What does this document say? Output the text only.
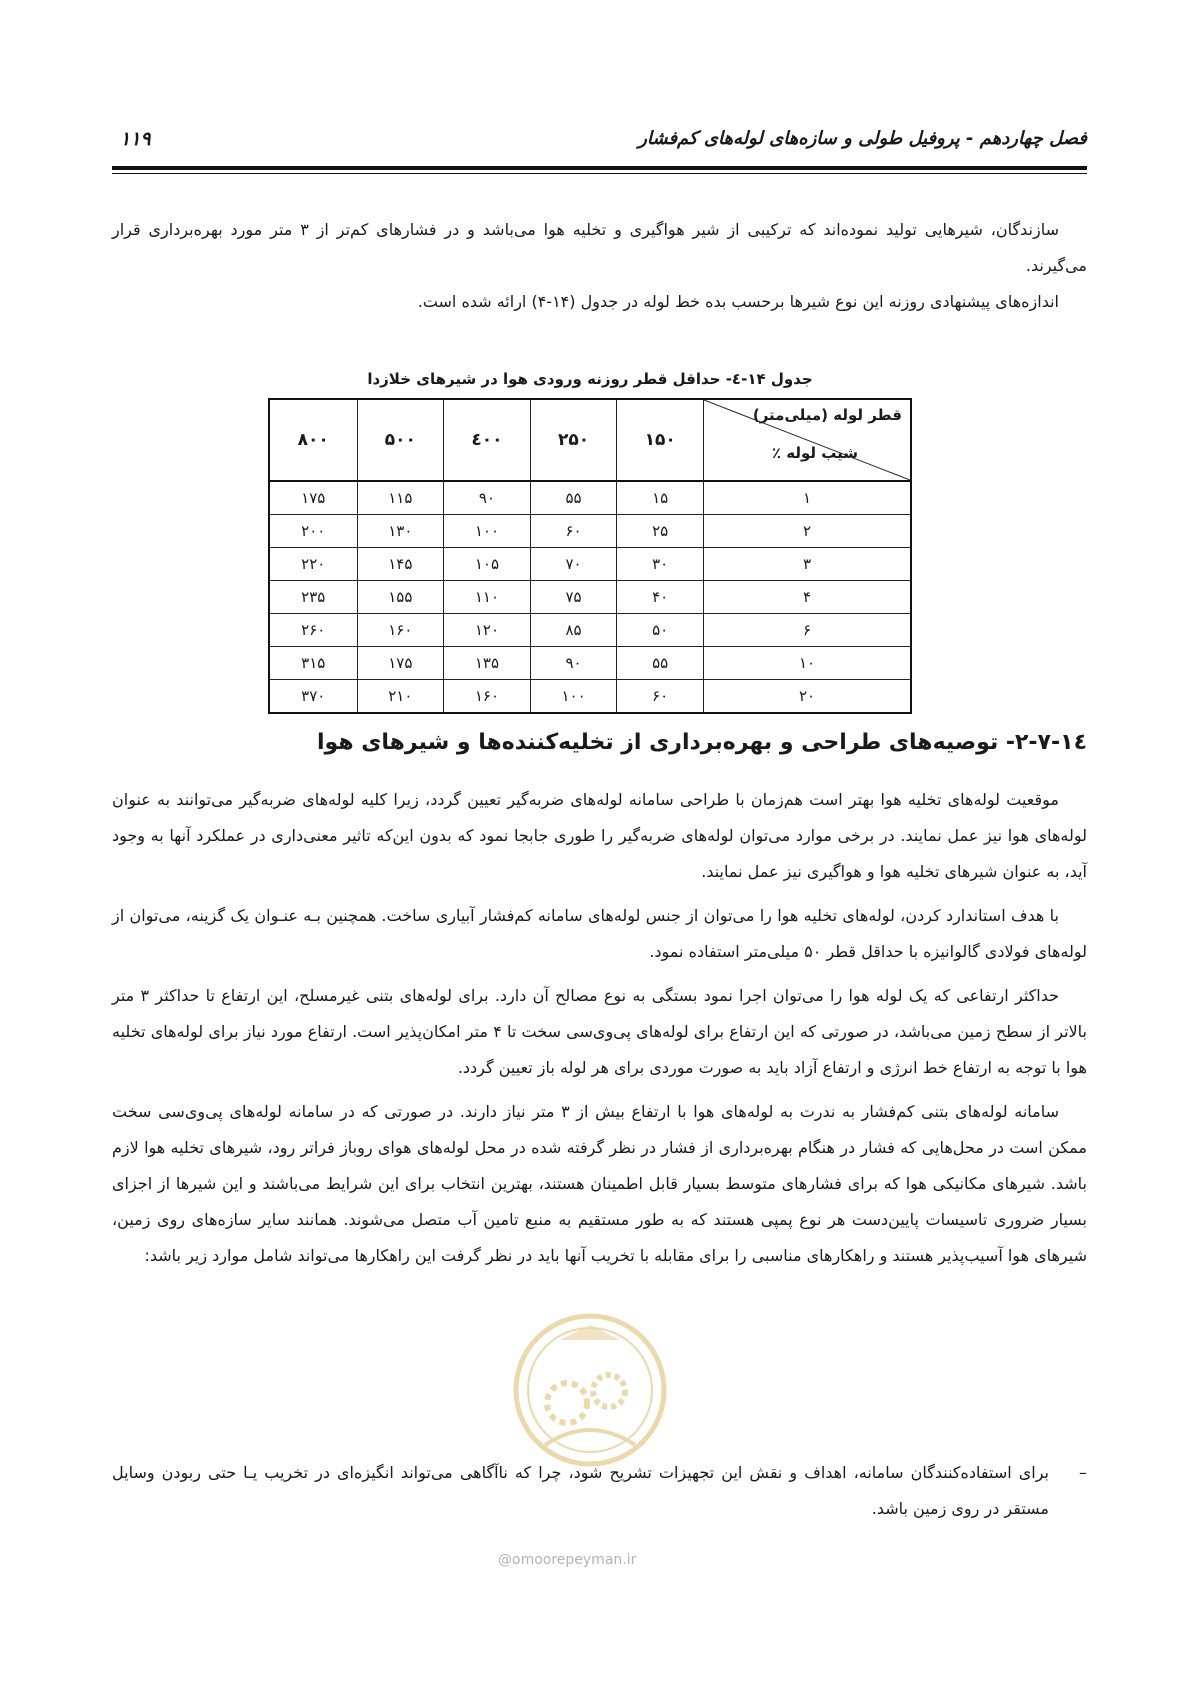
فصل چهاردهم - پروفیل طولی و سازه‌های لوله‌های کم‌فشار
۱۱۹

سازندگان، شیرهایی تولید نموده‌اند که ترکیبی از شیر هواگیری و تخلیه هوا می‌باشد و در فشارهای کم‌تر از ۳ متر مورد بهره‌برداری قرار می‌گیرند.

اندازه‌های پیشنهادی روزنه این نوع شیرها برحسب بده خط لوله در جدول (۱۴-۴) ارائه شده است.

جدول ۱۴-٤- حداقل قطر روزنه ورودی هوا در شیرهای خلازدا
قطر لوله (میلی‌متر)
شیب لوله ٪	۱۵۰	۲۵۰	٤۰۰	۵۰۰	۸۰۰
۱	۱۵	۵۵	۹۰	۱۱۵	۱۷۵
۲	۲۵	۶۰	۱۰۰	۱۳۰	۲۰۰
۳	۳۰	۷۰	۱۰۵	۱۴۵	۲۲۰
۴	۴۰	۷۵	۱۱۰	۱۵۵	۲۳۵
۶	۵۰	۸۵	۱۲۰	۱۶۰	۲۶۰
۱۰	۵۵	۹۰	۱۳۵	۱۷۵	۳۱۵
۲۰	۶۰	۱۰۰	۱۶۰	۲۱۰	۳۷۰
۱٤-۲-۷- توصیه‌های طراحی و بهره‌برداری از تخلیه‌کننده‌ها و شیرهای هوا

موقعیت لوله‌های تخلیه هوا بهتر است هم‌زمان با طراحی سامانه لوله‌های ضربه‌گیر تعیین گردد، زیرا کلیه لوله‌های ضربه‌گیر می‌توانند به عنوان لوله‌های هوا نیز عمل نمایند. در برخی موارد می‌توان لوله‌های ضربه‌گیر را طوری جابجا نمود که بدون این‌که تاثیر معنی‌داری در عملکرد آنها به وجود آید، به عنوان شیرهای تخلیه هوا و هواگیری نیز عمل نمایند.

با هدف استاندارد کردن، لوله‌های تخلیه هوا را می‌توان از جنس لوله‌های سامانه کم‌فشار آبیاری ساخت. همچنین بـه عنـوان یک گزینه، می‌توان از لوله‌های فولادی گالوانیزه با حداقل قطر ۵۰ میلی‌متر استفاده نمود.

حداکثر ارتفاعی که یک لوله هوا را می‌توان اجرا نمود بستگی به نوع مصالح آن دارد. برای لوله‌های بتنی غیرمسلح، این ارتفاع تا حداکثر ۳ متر بالاتر از سطح زمین می‌باشد، در صورتی که این ارتفاع برای لوله‌های پی‌وی‌سی سخت تا ۴ متر امکان‌پذیر است. ارتفاع مورد نیاز برای لوله‌های تخلیه هوا با توجه به ارتفاع خط انرژی و ارتفاع آزاد باید به صورت موردی برای هر لوله باز تعیین گردد.

سامانه لوله‌های بتنی کم‌فشار به ندرت به لوله‌های هوا با ارتفاع بیش از ۳ متر نیاز دارند. در صورتی که در سامانه لوله‌های پی‌وی‌سی سخت ممکن است در محل‌هایی که فشار در هنگام بهره‌برداری از فشار در نظر گرفته شده در محل لوله‌های هوای روباز فراتر رود، شیرهای تخلیه هوا لازم باشد. شیرهای مکانیکی هوا که برای فشارهای متوسط بسیار قابل اطمینان هستند، بهترین انتخاب برای این شرایط می‌باشند و این شیرها از اجزای بسیار ضروری تاسیسات پایین‌دست هر نوع پمپی هستند که به طور مستقیم به منبع تامین آب متصل می‌شوند. همانند سایر سازه‌های روی زمین، شیرهای هوا آسیب‌پذیر هستند و راهکارهای مناسبی را برای مقابله با تخریب آنها باید در نظر گرفت این راهکارها می‌تواند شامل موارد زیر باشد:

–
برای استفاده‌کنندگان سامانه، اهداف و نقش این تجهیزات تشریح شود، چرا که ناآگاهی می‌تواند انگیزه‌ای در تخریب یـا حتی ربودن وسایل مستقر در روی زمین باشد.
@omoorepeyman.ir
